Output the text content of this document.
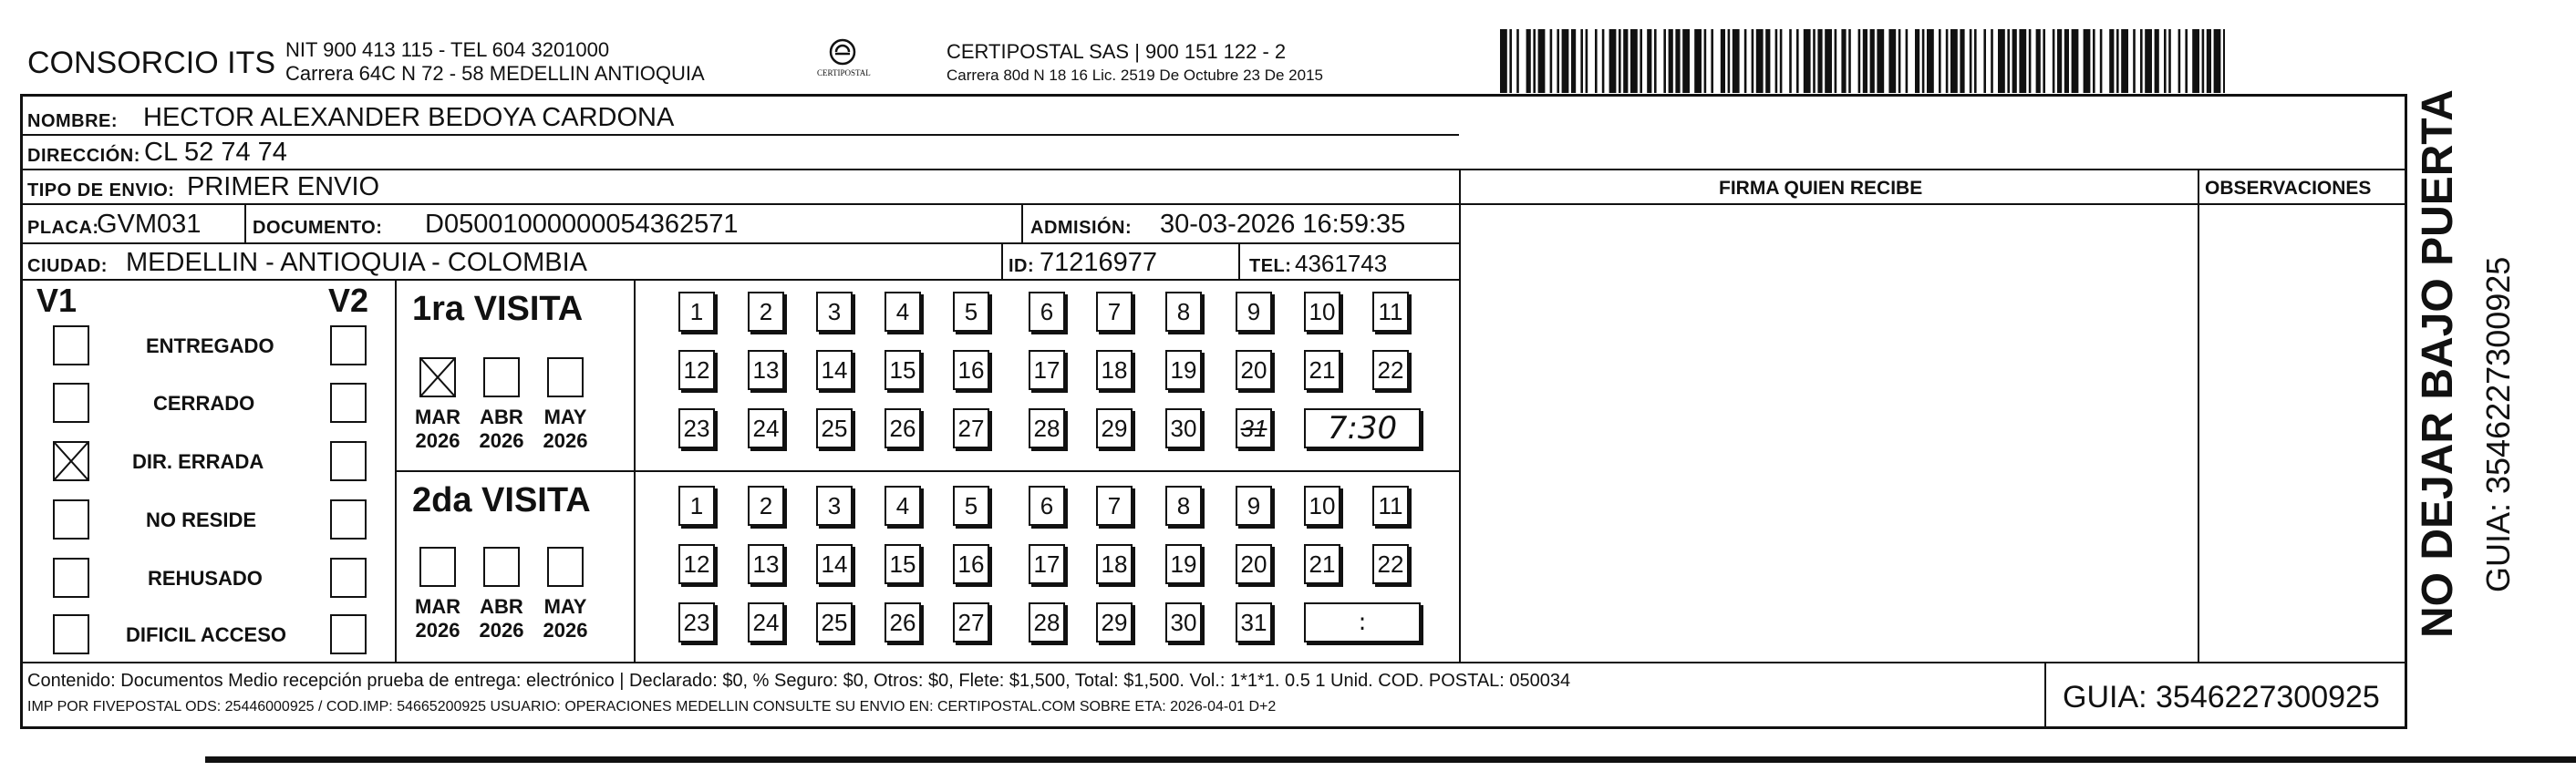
CONSORCIO ITS NIT 900 413 115 - TEL 604 3201000
Carrera 64C N 72 - 58 MEDELLIN ANTIOQUIA	CERTIPOSTAL
CERTIPOSTAL SAS | 900 151 122 - 2
Carrera 80d N 18 16 Lic. 2519 De Octubre 23 De 2015
FIRMA QUIEN RECIBE	OBSERVACIONES
NOMBRE: HECTOR ALEXANDER BEDOYA CARDONA
DIRECCIÓN: CL 52 74 74
TIPO DE ENVIO: PRIMER ENVIO
PLACA:
GVM031	DOCUMENTO: D05001000000054362571	ADMISIÓN: 30-03-2026 16:59:35
CIUDAD: MEDELLIN - ANTIOQUIA - COLOMBIA	ID: 71216977	TEL: 4361743
V1	V2
ENTREGADO
CERRADO
DIR. ERRADA
NO RESIDE
REHUSADO
DIFICIL ACCESO
1ra VISITA
MAR
2026
ABR
2026
MAY
2026
1	2	3	4	5	6	7	8	9	10 11
12 13 14 15 16 17 18 19 20 21 22
23 24 25 26 27 28 29 30 31	7:30
2da VISITA
MAR
2026
ABR
2026
MAY
2026
1	2	3	4	5	6	7	8	9	10 11
12 13 14 15 16 17 18 19 20 21 22
23 24 25 26 27 28 29 30 31	:
Contenido: Documentos Medio recepción prueba de entrega: electrónico | Declarado: $0, % Seguro: $0, Otros: $0, Flete: $1,500, Total: $1,500. Vol.: 1*1*1. 0.5 1 Unid. COD. POSTAL: 050034
IMP POR FIVEPOSTAL ODS: 25446000925 / COD.IMP: 54665200925 USUARIO: OPERACIONES MEDELLIN CONSULTE SU ENVIO EN: CERTIPOSTAL.COM SOBRE ETA: 2026-04-01 D+2	GUIA: 3546227300925
NO DEJAR BAJO PUERTA GUIA: 3546227300925
